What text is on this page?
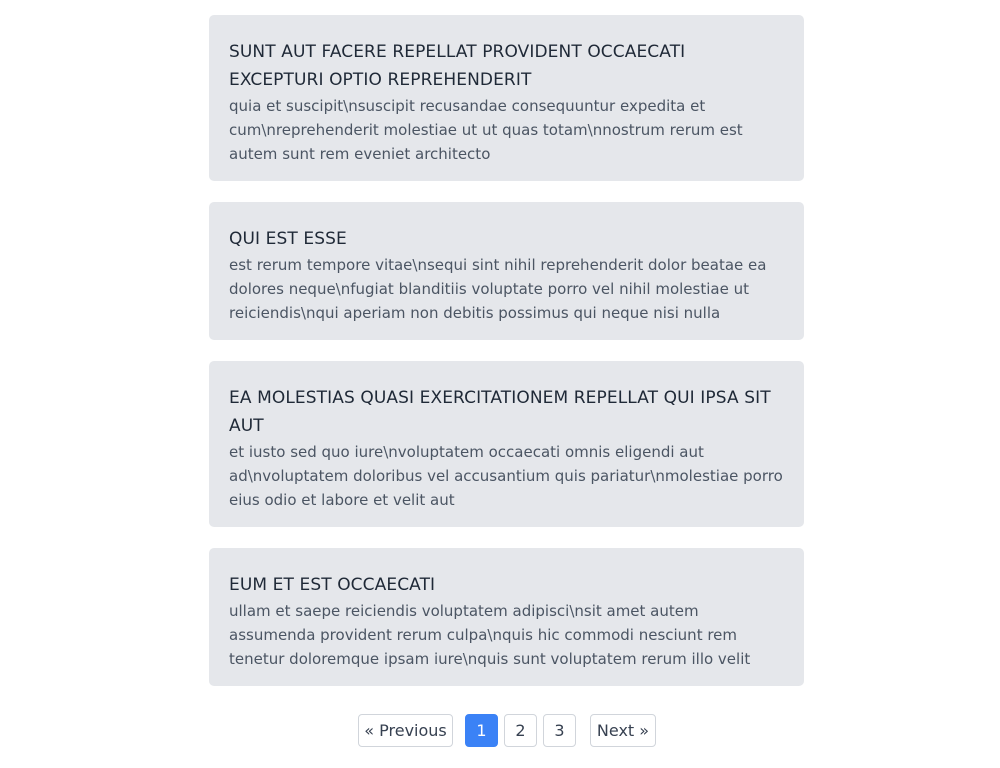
SUNT AUT FACERE REPELLAT PROVIDENT OCCAECATI EXCEPTURI OPTIO REPREHENDERIT

quia et suscipit\nsuscipit recusandae consequuntur expedita et cum\nreprehenderit molestiae ut ut quas totam\nnostrum rerum est autem sunt rem eveniet architecto

QUI EST ESSE

est rerum tempore vitae\nsequi sint nihil reprehenderit dolor beatae ea dolores neque\nfugiat blanditiis voluptate porro vel nihil molestiae ut reiciendis\nqui aperiam non debitis possimus qui neque nisi nulla

EA MOLESTIAS QUASI EXERCITATIONEM REPELLAT QUI IPSA SIT AUT

et iusto sed quo iure\nvoluptatem occaecati omnis eligendi aut ad\nvoluptatem doloribus vel accusantium quis pariatur\nmolestiae porro eius odio et labore et velit aut

EUM ET EST OCCAECATI

ullam et saepe reiciendis voluptatem adipisci\nsit amet autem assumenda provident rerum culpa\nquis hic commodi nesciunt rem tenetur doloremque ipsam iure\nquis sunt voluptatem rerum illo velit

« Previous	1	2	3	Next »
